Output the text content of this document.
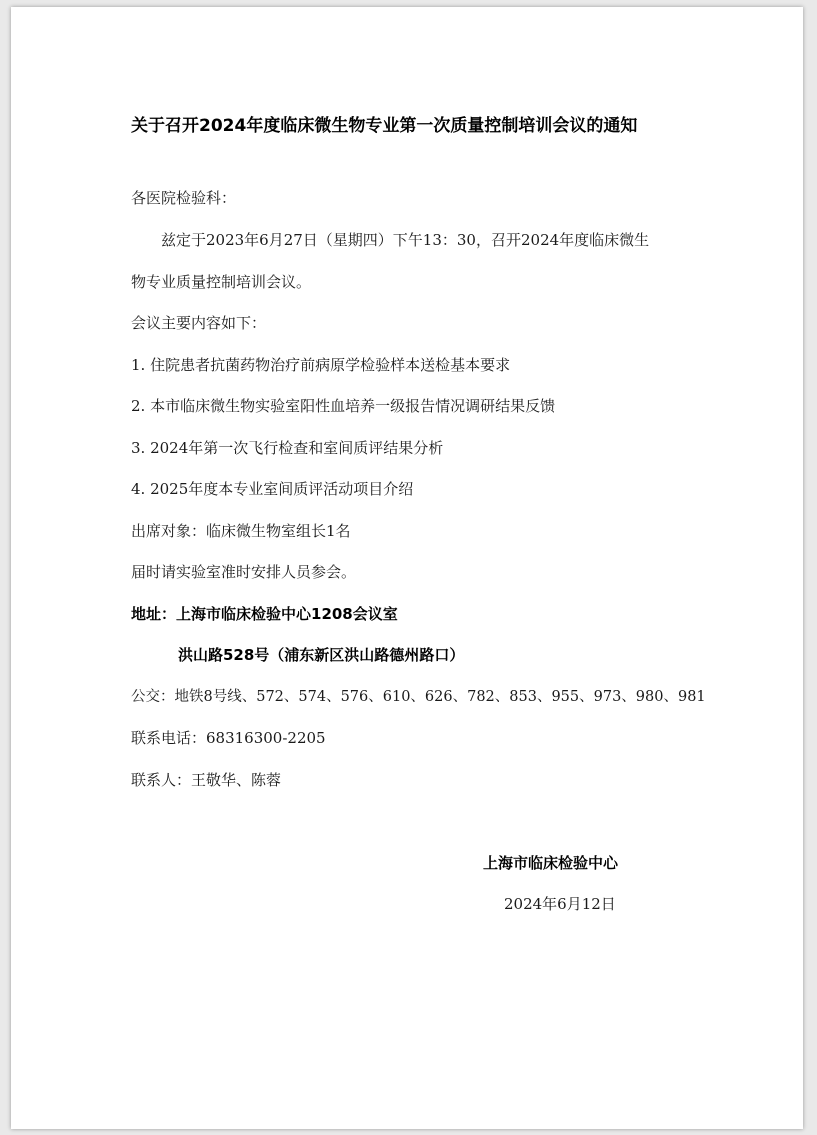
关于召开2024年度临床微生物专业第一次质量控制培训会议的通知
各医院检验科：
兹定于2023年6月27日（星期四）下午13：30，召开2024年度临床微生
物专业质量控制培训会议。
会议主要内容如下：
1. 住院患者抗菌药物治疗前病原学检验样本送检基本要求
2. 本市临床微生物实验室阳性血培养一级报告情况调研结果反馈
3. 2024年第一次飞行检查和室间质评结果分析
4. 2025年度本专业室间质评活动项目介绍
出席对象：临床微生物室组长1名
届时请实验室准时安排人员参会。
地址：上海市临床检验中心1208会议室
洪山路528号（浦东新区洪山路德州路口）
公交：地铁8号线、572、574、576、610、626、782、853、955、973、980、981
联系电话：68316300-2205
联系人：王敬华、陈蓉
上海市临床检验中心
2024年6月12日
